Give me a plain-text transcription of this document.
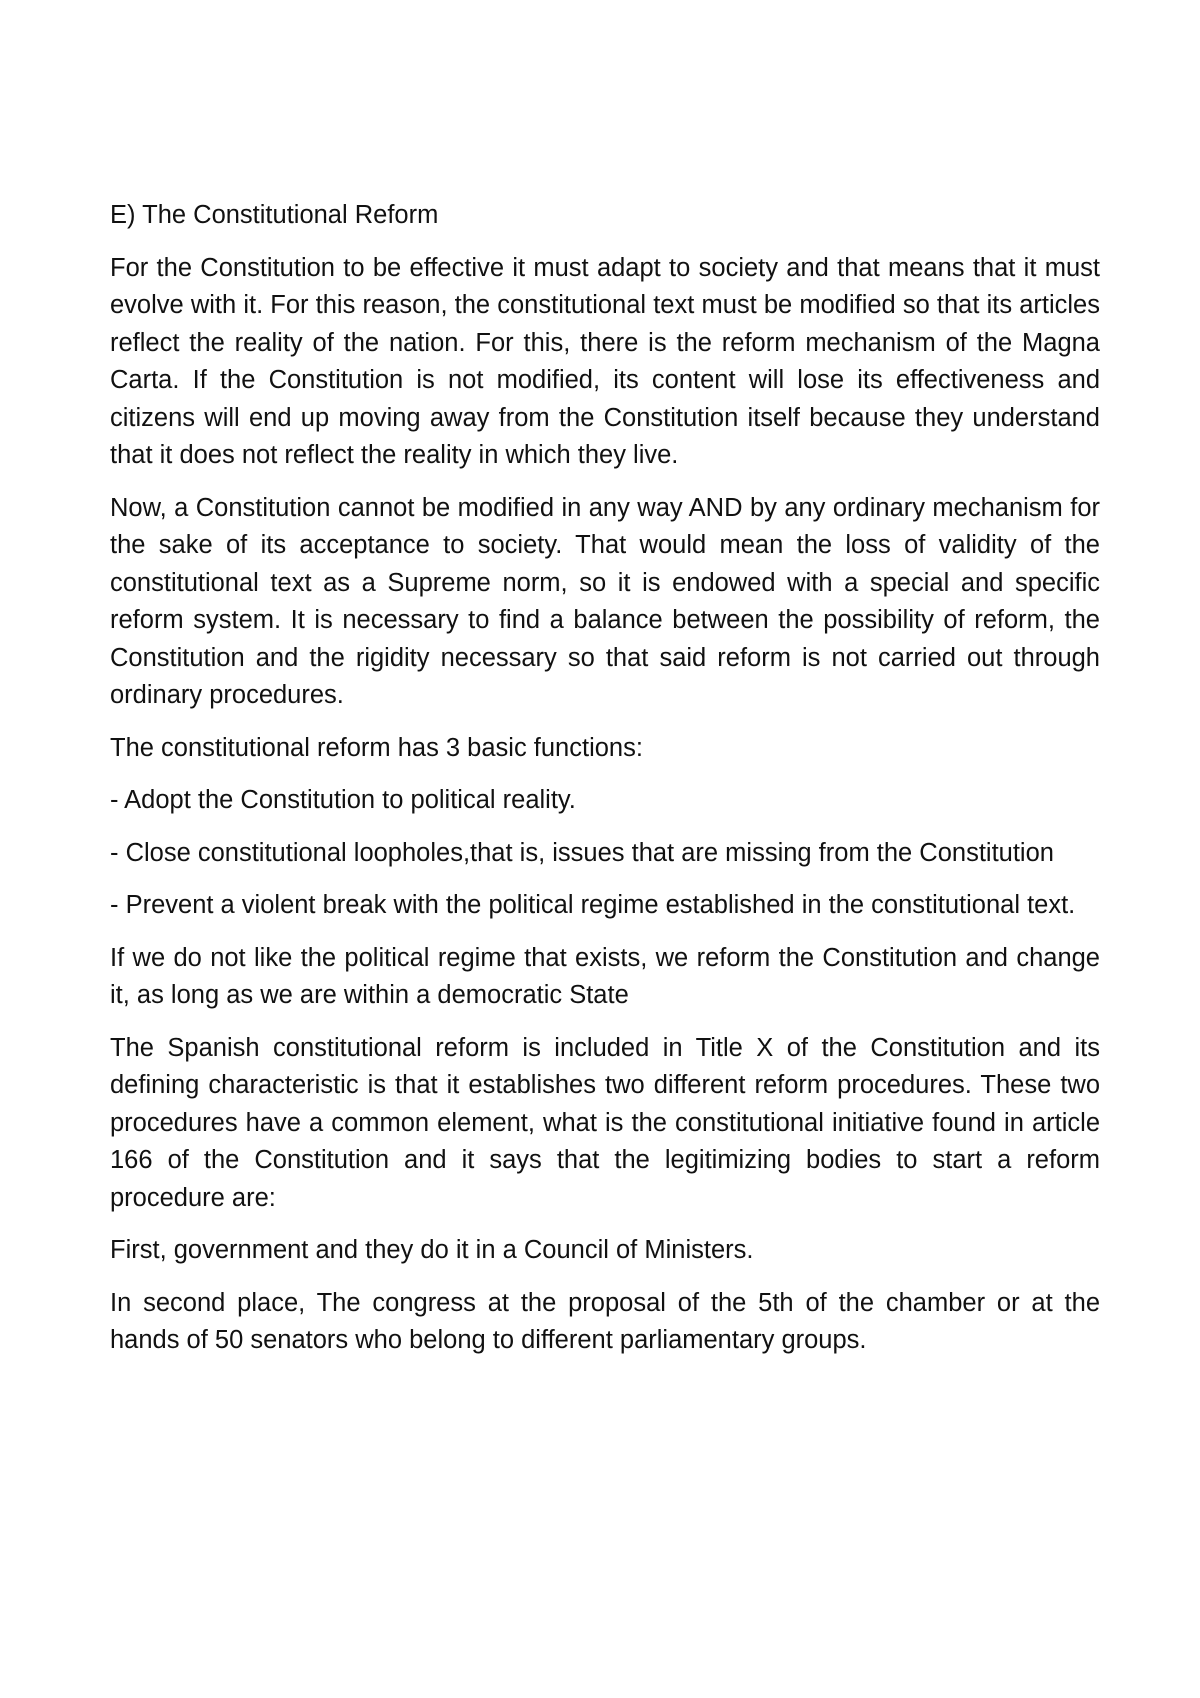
E) The Constitutional Reform

For the Constitution to be effective it must adapt to society and that means that it must evolve with it. For this reason, the constitutional text must be modified so that its articles reflect the reality of the nation. For this, there is the reform mechanism of the Magna Carta. If the Constitution is not modified, its content will lose its effectiveness and citizens will end up moving away from the Constitution itself because they understand that it does not reflect the reality in which they live.

Now, a Constitution cannot be modified in any way AND by any ordinary mechanism for the sake of its acceptance to society. That would mean the loss of validity of the constitutional text as a Supreme norm, so it is endowed with a special and specific reform system. It is necessary to find a balance between the possibility of reform, the Constitution and the rigidity necessary so that said reform is not carried out through ordinary procedures.

The constitutional reform has 3 basic functions:

- Adopt the Constitution to political reality.

- Close constitutional loopholes,that is, issues that are missing from the Constitution

- Prevent a violent break with the political regime established in the constitutional text.

If we do not like the political regime that exists, we reform the Constitution and change it, as long as we are within a democratic State

The Spanish constitutional reform is included in Title X of the Constitution and its defining characteristic is that it establishes two different reform procedures. These two procedures have a common element, what is the constitutional initiative found in article 166 of the Constitution and it says that the legitimizing bodies to start a reform procedure are:

First, government and they do it in a Council of Ministers.

In second place, The congress at the proposal of the 5th of the chamber or at the hands of 50 senators who belong to different parliamentary groups.
